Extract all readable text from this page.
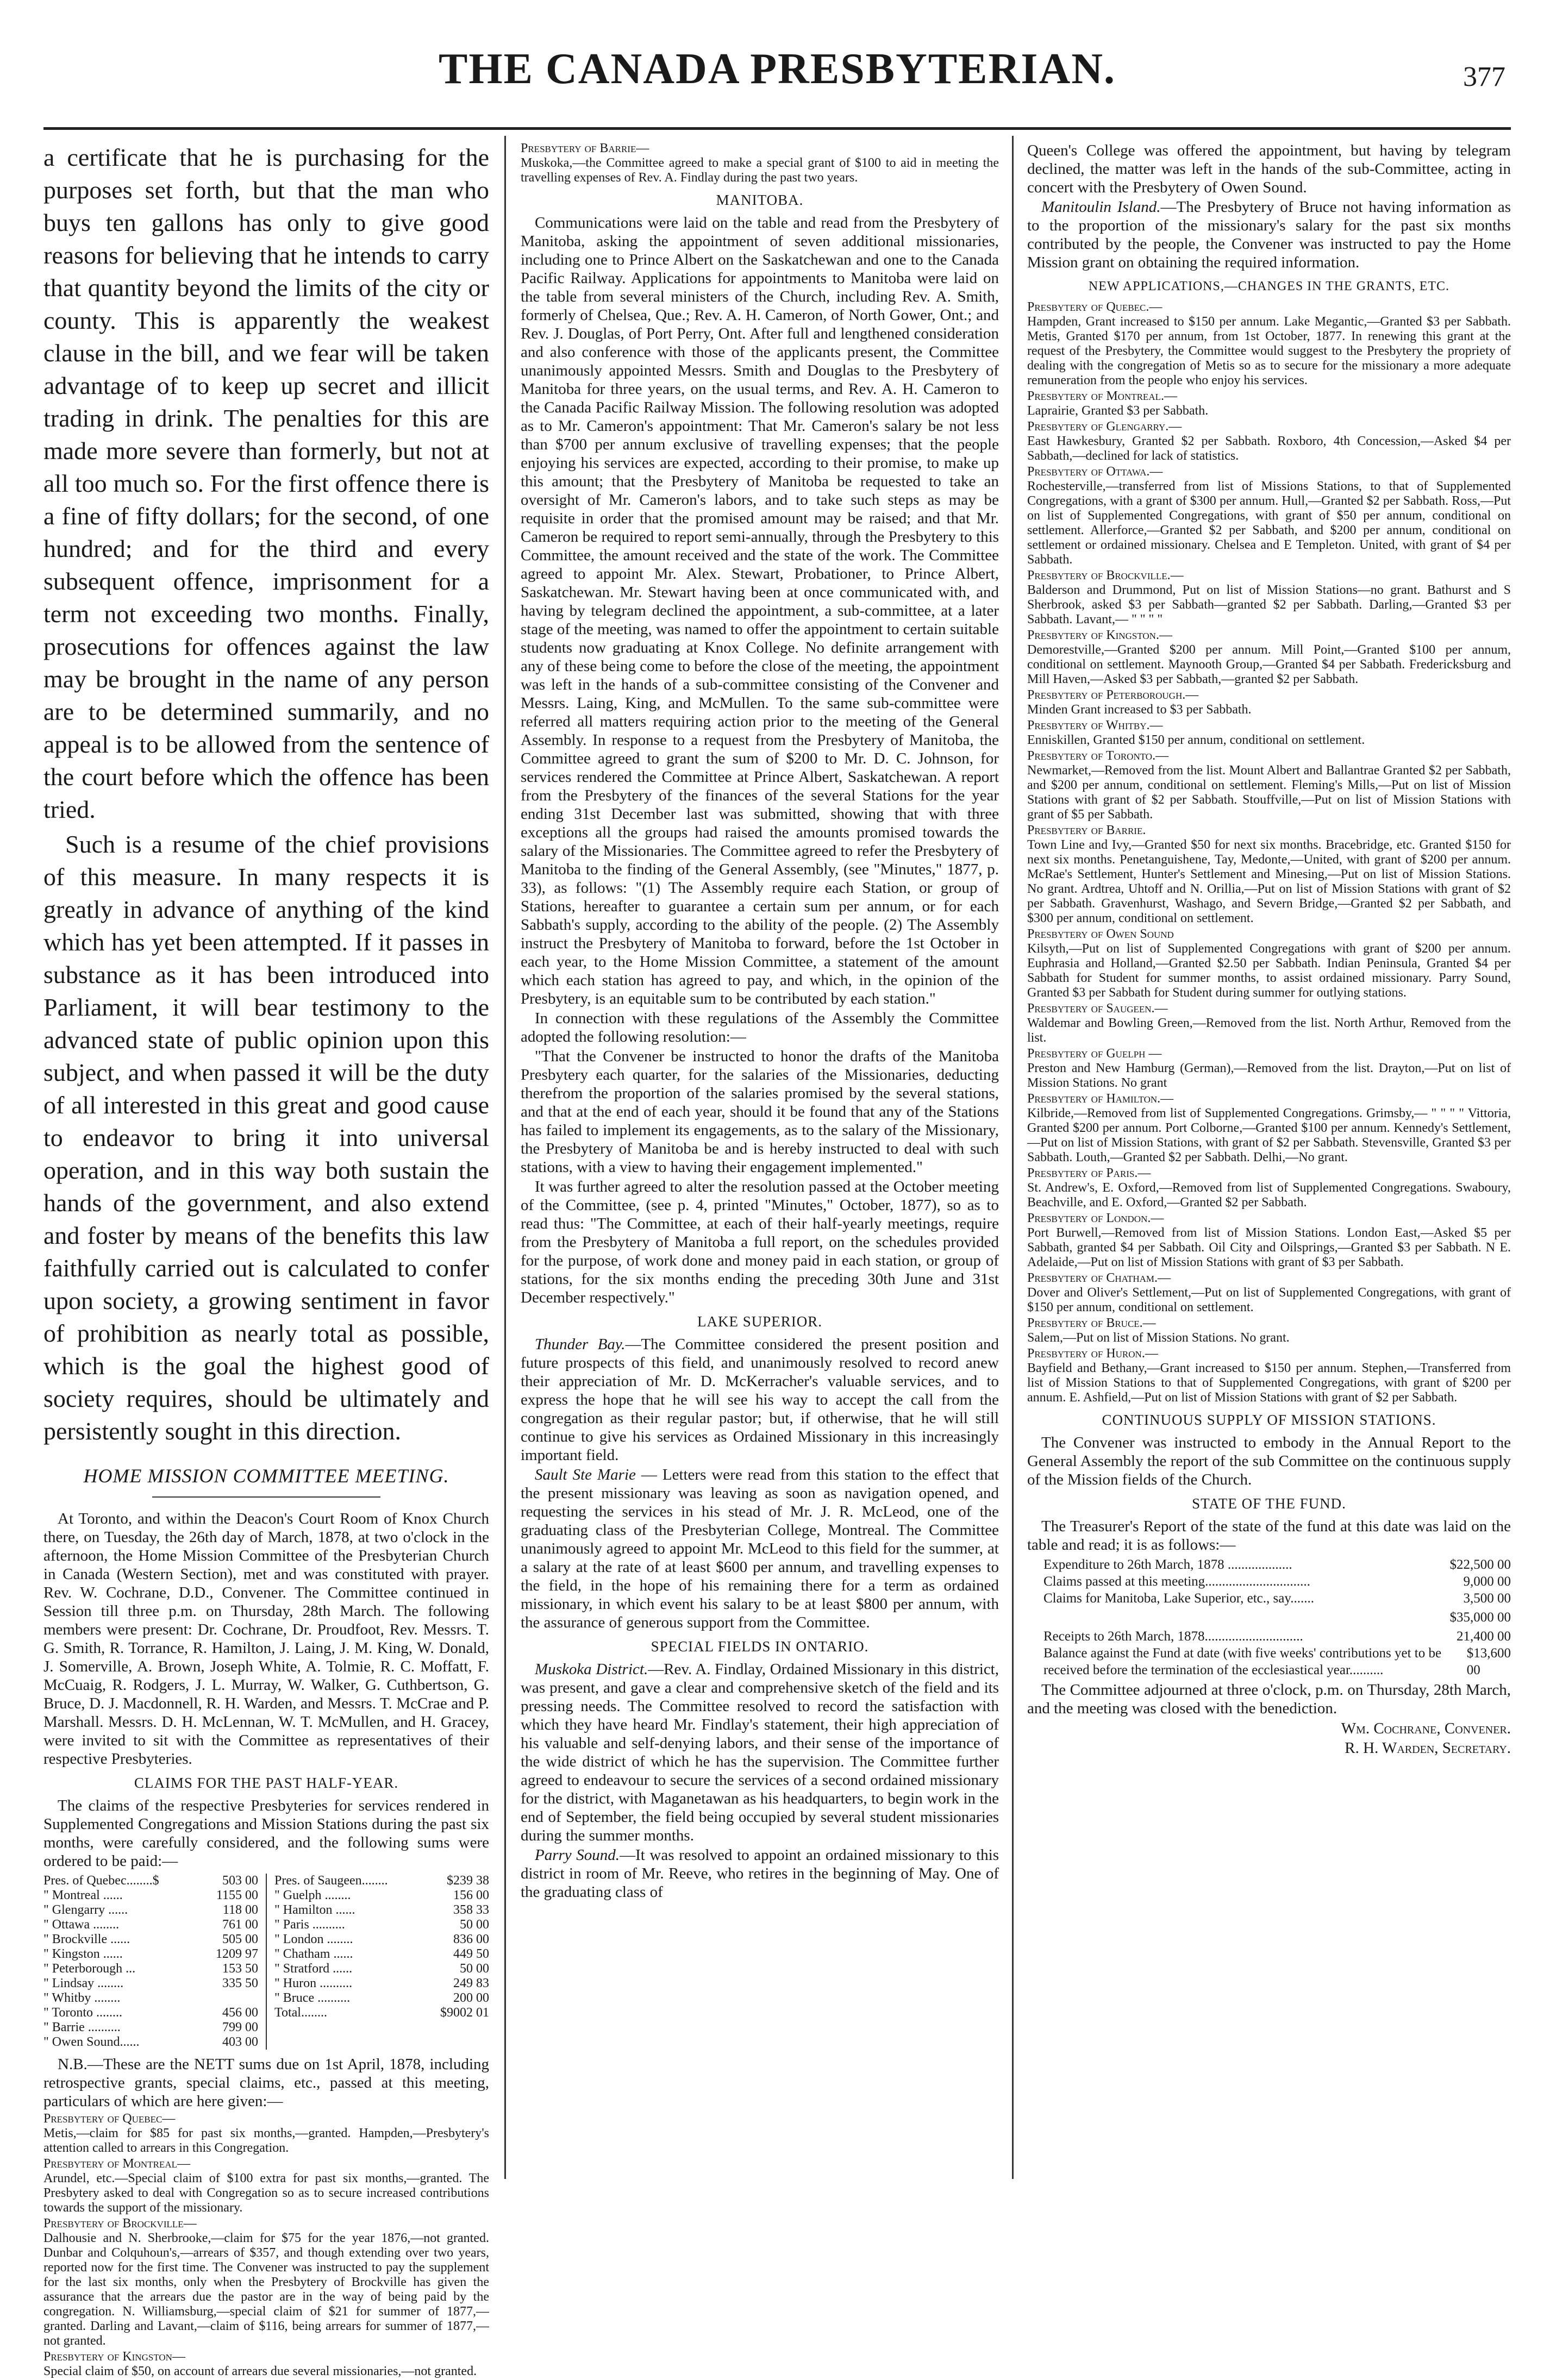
THE CANADA PRESBYTERIAN.	377

a certificate that he is purchasing for the purposes set forth, but that the man who buys ten gallons has only to give good reasons for believing that he intends to carry that quantity beyond the limits of the city or county. This is apparently the weakest clause in the bill, and we fear will be taken advantage of to keep up secret and illicit trading in drink. The penalties for this are made more severe than formerly, but not at all too much so. For the first offence there is a fine of fifty dollars; for the second, of one hundred; and for the third and every subsequent offence, imprisonment for a term not exceeding two months. Finally, prosecutions for offences against the law may be brought in the name of any person are to be determined summarily, and no appeal is to be allowed from the sentence of the court before which the offence has been tried.

Such is a resume of the chief provisions of this measure. In many respects it is greatly in advance of anything of the kind which has yet been attempted. If it passes in substance as it has been introduced into Parliament, it will bear testimony to the advanced state of public opinion upon this subject, and when passed it will be the duty of all interested in this great and good cause to endeavor to bring it into universal operation, and in this way both sustain the hands of the government, and also extend and foster by means of the benefits this law faithfully carried out is calculated to confer upon society, a growing sentiment in favor of prohibition as nearly total as possible, which is the goal the highest good of society requires, should be ultimately and persistently sought in this direction.

HOME MISSION COMMITTEE MEETING.

At Toronto, and within the Deacon's Court Room of Knox Church there, on Tuesday, the 26th day of March, 1878, at two o'clock in the afternoon, the Home Mission Committee of the Presbyterian Church in Canada (Western Section), met and was constituted with prayer. Rev. W. Cochrane, D.D., Convener. The Committee continued in Session till three p.m. on Thursday, 28th March. The following members were present: Dr. Cochrane, Dr. Proudfoot, Rev. Messrs. T. G. Smith, R. Torrance, R. Hamilton, J. Laing, J. M. King, W. Donald, J. Somerville, A. Brown, Joseph White, A. Tolmie, R. C. Moffatt, F. McCuaig, R. Rodgers, J. L. Murray, W. Walker, G. Cuthbertson, G. Bruce, D. J. Macdonnell, R. H. Warden, and Messrs. T. McCrae and P. Marshall. Messrs. D. H. McLennan, W. T. McMullen, and H. Gracey, were invited to sit with the Committee as representatives of their respective Presbyteries.

CLAIMS FOR THE PAST HALF-YEAR.

The claims of the respective Presbyteries for services rendered in Supplemented Congregations and Mission Stations during the past six months, were carefully considered, and the following sums were ordered to be paid:—

Pres. of Quebec........$	503 00
" Montreal ......	1155 00
" Glengarry ......	118 00
" Ottawa ........	761 00
" Brockville ......	505 00
" Kingston ......	1209 97
" Peterborough ...	153 50
" Lindsay ........	335 50
" Whitby ........
" Toronto ........	456 00
" Barrie ..........	799 00
" Owen Sound......	403 00
Pres. of Saugeen........	$239 38
" Guelph ........	156 00
" Hamilton ......	358 33
" Paris ..........	50 00
" London ........	836 00
" Chatham ......	449 50
" Stratford ......	50 00
" Huron ..........	249 83
" Bruce ..........	200 00
Total........	$9002 01

N.B.—These are the NETT sums due on 1st April, 1878, including retrospective grants, special claims, etc., passed at this meeting, particulars of which are here given:—

Presbytery of Quebec—
Metis,—claim for $85 for past six months,—granted. Hampden,—Presbytery's attention called to arrears in this Congregation.

Presbytery of Montreal—
Arundel, etc.—Special claim of $100 extra for past six months,—granted. The Presbytery asked to deal with Congregation so as to secure increased contributions towards the support of the missionary.

Presbytery of Brockville—
Dalhousie and N. Sherbrooke,—claim for $75 for the year 1876,—not granted. Dunbar and Colquhoun's,—arrears of $357, and though extending over two years, reported now for the first time. The Convener was instructed to pay the supplement for the last six months, only when the Presbytery of Brockville has given the assurance that the arrears due the pastor are in the way of being paid by the congregation. N. Williamsburg,—special claim of $21 for summer of 1877,—granted. Darling and Lavant,—claim of $116, being arrears for summer of 1877,—not granted.

Presbytery of Kingston—
Special claim of $50, on account of arrears due several missionaries,—not granted.

Presbytery of Barrie—
Muskoka,—the Committee agreed to make a special grant of $100 to aid in meeting the travelling expenses of Rev. A. Findlay during the past two years.

MANITOBA.

Communications were laid on the table and read from the Presbytery of Manitoba, asking the appointment of seven additional missionaries, including one to Prince Albert on the Saskatchewan and one to the Canada Pacific Railway. Applications for appointments to Manitoba were laid on the table from several ministers of the Church, including Rev. A. Smith, formerly of Chelsea, Que.; Rev. A. H. Cameron, of North Gower, Ont.; and Rev. J. Douglas, of Port Perry, Ont. After full and lengthened consideration and also conference with those of the applicants present, the Committee unanimously appointed Messrs. Smith and Douglas to the Presbytery of Manitoba for three years, on the usual terms, and Rev. A. H. Cameron to the Canada Pacific Railway Mission. The following resolution was adopted as to Mr. Cameron's appointment: That Mr. Cameron's salary be not less than $700 per annum exclusive of travelling expenses; that the people enjoying his services are expected, according to their promise, to make up this amount; that the Presbytery of Manitoba be requested to take an oversight of Mr. Cameron's labors, and to take such steps as may be requisite in order that the promised amount may be raised; and that Mr. Cameron be required to report semi-annually, through the Presbytery to this Committee, the amount received and the state of the work. The Committee agreed to appoint Mr. Alex. Stewart, Probationer, to Prince Albert, Saskatchewan. Mr. Stewart having been at once communicated with, and having by telegram declined the appointment, a sub-committee, at a later stage of the meeting, was named to offer the appointment to certain suitable students now graduating at Knox College. No definite arrangement with any of these being come to before the close of the meeting, the appointment was left in the hands of a sub-committee consisting of the Convener and Messrs. Laing, King, and McMullen. To the same sub-committee were referred all matters requiring action prior to the meeting of the General Assembly. In response to a request from the Presbytery of Manitoba, the Committee agreed to grant the sum of $200 to Mr. D. C. Johnson, for services rendered the Committee at Prince Albert, Saskatchewan. A report from the Presbytery of the finances of the several Stations for the year ending 31st December last was submitted, showing that with three exceptions all the groups had raised the amounts promised towards the salary of the Missionaries. The Committee agreed to refer the Presbytery of Manitoba to the finding of the General Assembly, (see "Minutes," 1877, p. 33), as follows: "(1) The Assembly require each Station, or group of Stations, hereafter to guarantee a certain sum per annum, or for each Sabbath's supply, according to the ability of the people. (2) The Assembly instruct the Presbytery of Manitoba to forward, before the 1st October in each year, to the Home Mission Committee, a statement of the amount which each station has agreed to pay, and which, in the opinion of the Presbytery, is an equitable sum to be contributed by each station."

In connection with these regulations of the Assembly the Committee adopted the following resolution:—

"That the Convener be instructed to honor the drafts of the Manitoba Presbytery each quarter, for the salaries of the Missionaries, deducting therefrom the proportion of the salaries promised by the several stations, and that at the end of each year, should it be found that any of the Stations has failed to implement its engagements, as to the salary of the Missionary, the Presbytery of Manitoba be and is hereby instructed to deal with such stations, with a view to having their engagement implemented."

It was further agreed to alter the resolution passed at the October meeting of the Committee, (see p. 4, printed "Minutes," October, 1877), so as to read thus: "The Committee, at each of their half-yearly meetings, require from the Presbytery of Manitoba a full report, on the schedules provided for the purpose, of work done and money paid in each station, or group of stations, for the six months ending the preceding 30th June and 31st December respectively."

LAKE SUPERIOR.

Thunder Bay.—The Committee considered the present position and future prospects of this field, and unanimously resolved to record anew their appreciation of Mr. D. McKerracher's valuable services, and to express the hope that he will see his way to accept the call from the congregation as their regular pastor; but, if otherwise, that he will still continue to give his services as Ordained Missionary in this increasingly important field.

Sault Ste Marie — Letters were read from this station to the effect that the present missionary was leaving as soon as navigation opened, and requesting the services in his stead of Mr. J. R. McLeod, one of the graduating class of the Presbyterian College, Montreal. The Committee unanimously agreed to appoint Mr. McLeod to this field for the summer, at a salary at the rate of at least $600 per annum, and travelling expenses to the field, in the hope of his remaining there for a term as ordained missionary, in which event his salary to be at least $800 per annum, with the assurance of generous support from the Committee.

SPECIAL FIELDS IN ONTARIO.

Muskoka District.—Rev. A. Findlay, Ordained Missionary in this district, was present, and gave a clear and comprehensive sketch of the field and its pressing needs. The Committee resolved to record the satisfaction with which they have heard Mr. Findlay's statement, their high appreciation of his valuable and self-denying labors, and their sense of the importance of the wide district of which he has the supervision. The Committee further agreed to endeavour to secure the services of a second ordained missionary for the district, with Maganetawan as his headquarters, to begin work in the end of September, the field being occupied by several student missionaries during the summer months.

Parry Sound.—It was resolved to appoint an ordained missionary to this district in room of Mr. Reeve, who retires in the beginning of May. One of the graduating class of

Queen's College was offered the appointment, but having by telegram declined, the matter was left in the hands of the sub-Committee, acting in concert with the Presbytery of Owen Sound.

Manitoulin Island.—The Presbytery of Bruce not having information as to the proportion of the missionary's salary for the past six months contributed by the people, the Convener was instructed to pay the Home Mission grant on obtaining the required information.

NEW APPLICATIONS,—CHANGES IN THE GRANTS, ETC.

Presbytery of Quebec.—
Hampden, Grant increased to $150 per annum. Lake Megantic,—Granted $3 per Sabbath. Metis, Granted $170 per annum, from 1st October, 1877. In renewing this grant at the request of the Presbytery, the Committee would suggest to the Presbytery the propriety of dealing with the congregation of Metis so as to secure for the missionary a more adequate remuneration from the people who enjoy his services.

Presbytery of Montreal.—
Laprairie, Granted $3 per Sabbath.

Presbytery of Glengarry.—
East Hawkesbury, Granted $2 per Sabbath. Roxboro, 4th Concession,—Asked $4 per Sabbath,—declined for lack of statistics.

Presbytery of Ottawa.—
Rochesterville,—transferred from list of Missions Stations, to that of Supplemented Congregations, with a grant of $300 per annum. Hull,—Granted $2 per Sabbath. Ross,—Put on list of Supplemented Congregations, with grant of $50 per annum, conditional on settlement. Allerforce,—Granted $2 per Sabbath, and $200 per annum, conditional on settlement or ordained missionary. Chelsea and E Templeton. United, with grant of $4 per Sabbath.

Presbytery of Brockville.—
Balderson and Drummond, Put on list of Mission Stations—no grant. Bathurst and S Sherbrook, asked $3 per Sabbath—granted $2 per Sabbath. Darling,—Granted $3 per Sabbath. Lavant,— " " " "

Presbytery of Kingston.—
Demorestville,—Granted $200 per annum. Mill Point,—Granted $100 per annum, conditional on settlement. Maynooth Group,—Granted $4 per Sabbath. Fredericksburg and Mill Haven,—Asked $3 per Sabbath,—granted $2 per Sabbath.

Presbytery of Peterborough.—
Minden Grant increased to $3 per Sabbath.

Presbytery of Whitby.—
Enniskillen, Granted $150 per annum, conditional on settlement.

Presbytery of Toronto.—
Newmarket,—Removed from the list. Mount Albert and Ballantrae Granted $2 per Sabbath, and $200 per annum, conditional on settlement. Fleming's Mills,—Put on list of Mission Stations with grant of $2 per Sabbath. Stouffville,—Put on list of Mission Stations with grant of $5 per Sabbath.

Presbytery of Barrie.
Town Line and Ivy,—Granted $50 for next six months. Bracebridge, etc. Granted $150 for next six months. Penetanguishene, Tay, Medonte,—United, with grant of $200 per annum. McRae's Settlement, Hunter's Settlement and Minesing,—Put on list of Mission Stations. No grant. Ardtrea, Uhtoff and N. Orillia,—Put on list of Mission Stations with grant of $2 per Sabbath. Gravenhurst, Washago, and Severn Bridge,—Granted $2 per Sabbath, and $300 per annum, conditional on settlement.

Presbytery of Owen Sound
Kilsyth,—Put on list of Supplemented Congregations with grant of $200 per annum. Euphrasia and Holland,—Granted $2.50 per Sabbath. Indian Peninsula, Granted $4 per Sabbath for Student for summer months, to assist ordained missionary. Parry Sound, Granted $3 per Sabbath for Student during summer for outlying stations.

Presbytery of Saugeen.—
Waldemar and Bowling Green,—Removed from the list. North Arthur, Removed from the list.

Presbytery of Guelph —
Preston and New Hamburg (German),—Removed from the list. Drayton,—Put on list of Mission Stations. No grant

Presbytery of Hamilton.—
Kilbride,—Removed from list of Supplemented Congregations. Grimsby,— " " " " Vittoria, Granted $200 per annum. Port Colborne,—Granted $100 per annum. Kennedy's Settlement,—Put on list of Mission Stations, with grant of $2 per Sabbath. Stevensville, Granted $3 per Sabbath. Louth,—Granted $2 per Sabbath. Delhi,—No grant.

Presbytery of Paris.—
St. Andrew's, E. Oxford,—Removed from list of Supplemented Congregations. Swaboury, Beachville, and E. Oxford,—Granted $2 per Sabbath.

Presbytery of London.—
Port Burwell,—Removed from list of Mission Stations. London East,—Asked $5 per Sabbath, granted $4 per Sabbath. Oil City and Oilsprings,—Granted $3 per Sabbath. N E. Adelaide,—Put on list of Mission Stations with grant of $3 per Sabbath.

Presbytery of Chatham.—
Dover and Oliver's Settlement,—Put on list of Supplemented Congregations, with grant of $150 per annum, conditional on settlement.

Presbytery of Bruce.—
Salem,—Put on list of Mission Stations. No grant.

Presbytery of Huron.—
Bayfield and Bethany,—Grant increased to $150 per annum. Stephen,—Transferred from list of Mission Stations to that of Supplemented Congregations, with grant of $200 per annum. E. Ashfield,—Put on list of Mission Stations with grant of $2 per Sabbath.

CONTINUOUS SUPPLY OF MISSION STATIONS.

The Convener was instructed to embody in the Annual Report to the General Assembly the report of the sub Committee on the continuous supply of the Mission fields of the Church.

STATE OF THE FUND.

The Treasurer's Report of the state of the fund at this date was laid on the table and read; it is as follows:—

Expenditure to 26th March, 1878 ...................	$22,500 00
Claims passed at this meeting...............................	9,000 00
Claims for Manitoba, Lake Superior, etc., say.......	3,500 00
$35,000 00
Receipts to 26th March, 1878.............................	21,400 00
Balance against the Fund at date (with five weeks' contributions yet to be received before the termination of the ecclesiastical year..........
$13,600 00

The Committee adjourned at three o'clock, p.m. on Thursday, 28th March, and the meeting was closed with the benediction.

Wm. Cochrane, Convener.
R. H. Warden, Secretary.
